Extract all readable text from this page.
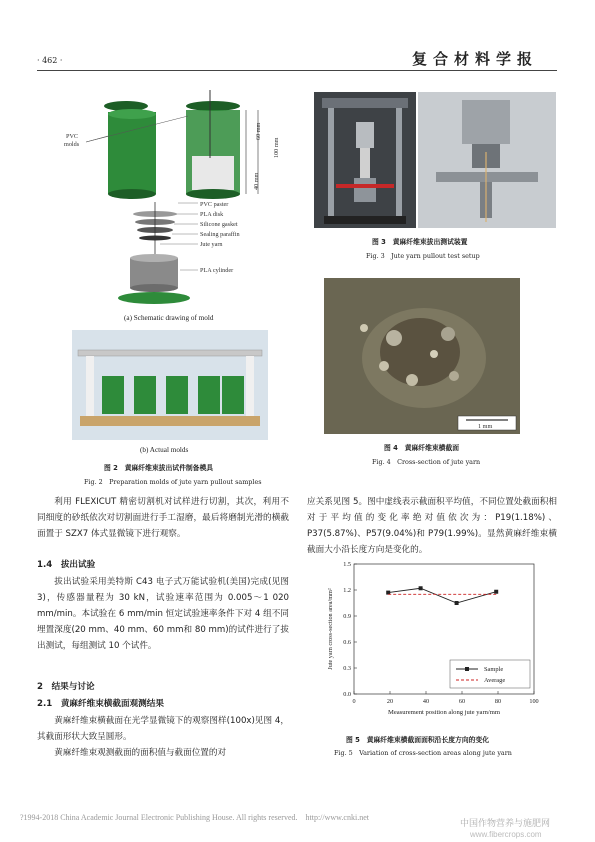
· 462 ·	复合材料学报
60 mm
40 mm
100 mm
PVC
molds
PVC paster
PLA disk
Silicone gasket
Sealing paraffin
Jute yarn
PLA cylinder
(a) Schematic drawing of mold
(b) Actual molds
图 2　黄麻纤维束拔出试件制备模具
Fig. 2　Preparation molds of jute yarn pullout samples
图 3　黄麻纤维束拔出测试装置
Fig. 3　Jute yarn pullout test setup
1 mm
图 4　黄麻纤维束横截面
Fig. 4　Cross-section of jute yarn

利用 FLEXICUT 精密切割机对试样进行切割，其次，利用不同细度的砂纸依次对切割面进行手工湿磨，最后将磨制光滑的横截面置于 SZX7 体式显微镜下进行观察。

1.4　拔出试验

拔出试验采用美特斯 C43 电子式万能试验机(美国)完成(见图 3)，传感器量程为 30 kN，试验速率范围为 0.005～1 020 mm/min。本试验在 6 mm/min 恒定试验速率条件下对 4 组不同埋置深度(20 mm、40 mm、60 mm和 80 mm)的试件进行了拔出测试，每组测试 10 个试件。

2　结果与讨论
2.1　黄麻纤维束横截面观测结果

黄麻纤维束横截面在光学显微镜下的观察图样(100x)见图 4，其截面形状大致呈圆形。

黄麻纤维束观测截面的面积值与截面位置的对

应关系见图 5。图中虚线表示截面积平均值，不同位置处截面积相对于平均值的变化率绝对值依次为：P19(1.18%)、P37(5.87%)、P57(9.04%)和 P79(1.99%)。显然黄麻纤维束横截面大小沿长度方向是变化的。

0	20	40	60	80	100
0.0
0.3
0.6
0.9
1.2
1.5
Measurement position along jute yarn/mm
Jute yarn cross-section area/mm²	Sample
Average
图 5　黄麻纤维束横截面面积沿长度方向的变化
Fig. 5　Variation of cross-section areas along jute yarn
?1994-2018 China Academic Journal Electronic Publishing House. All rights reserved.　http://www.cnki.net
中国作物营养与施肥网
www.fibercrops.com
